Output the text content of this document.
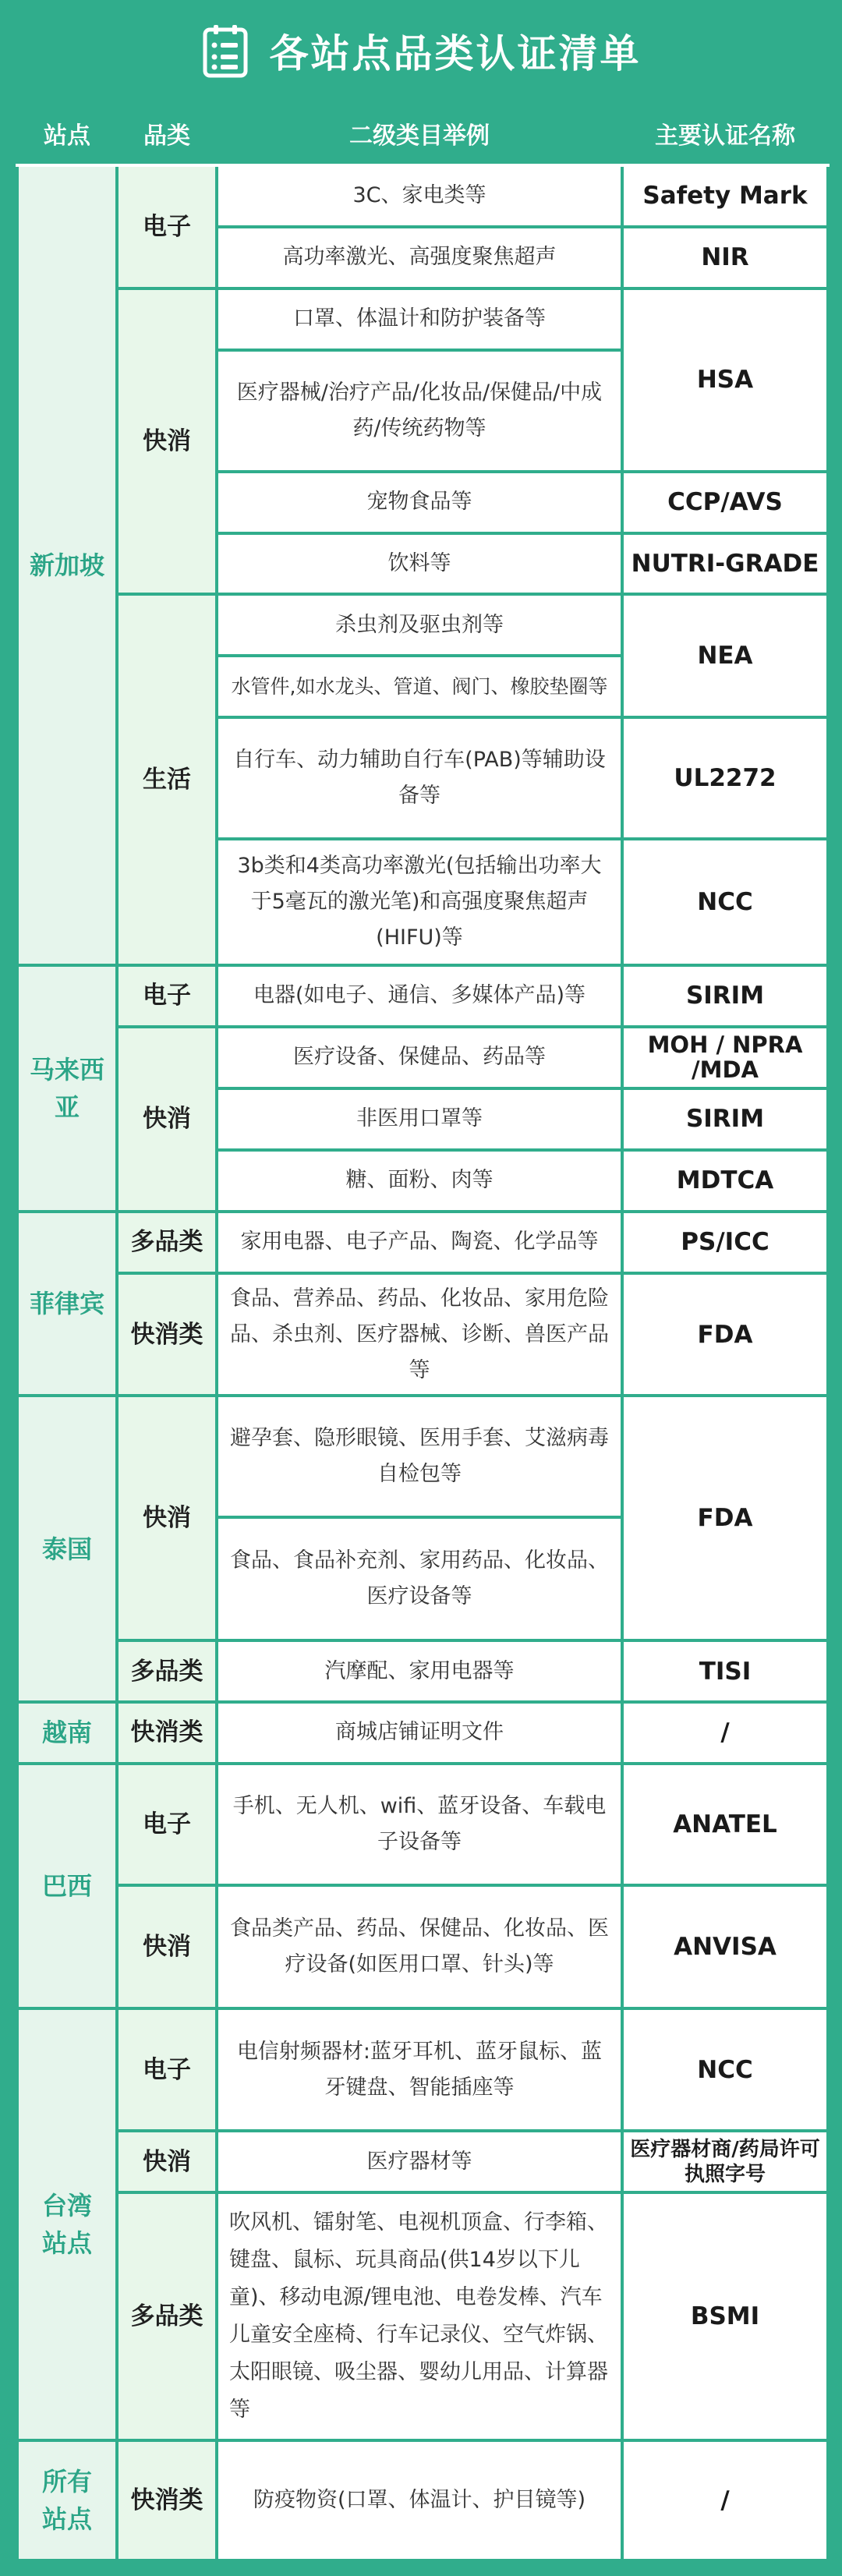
各站点品类认证清单
站点	品类	二级类目举例	主要认证名称
新加坡	电子	3C、家电类等	Safety Mark
		高功率激光、高强度聚焦超声	NIR
	快消	口罩、体温计和防护装备等	HSA
		医疗器械/治疗产品/化妆品/保健品/中成药/传统药物等	
		宠物食品等	CCP/AVS
		饮料等	NUTRI-GRADE
	生活	杀虫剂及驱虫剂等	NEA
		水管件,如水龙头、管道、阀门、橡胶垫圈等	
		自行车、动力辅助自行车(PAB)等辅助设备等	UL2272
		3b类和4类高功率激光(包括输出功率大于5毫瓦的激光笔)和高强度聚焦超声(HIFU)等	NCC
马来西亚	电子	电器(如电子、通信、多媒体产品)等	SIRIM
	快消	医疗设备、保健品、药品等	MOH / NPRA /MDA
		非医用口罩等	SIRIM
		糖、面粉、肉等	MDTCA
菲律宾	多品类	家用电器、电子产品、陶瓷、化学品等	PS/ICC
	快消类	食品、营养品、药品、化妆品、家用危险品、杀虫剂、医疗器械、诊断、兽医产品等	FDA
泰国	快消	避孕套、隐形眼镜、医用手套、艾滋病毒自检包等	FDA
		食品、食品补充剂、家用药品、化妆品、医疗设备等	
	多品类	汽摩配、家用电器等	TISI
越南	快消类	商城店铺证明文件	/
巴西	电子	手机、无人机、wifi、蓝牙设备、车载电子设备等	ANATEL
	快消	食品类产品、药品、保健品、化妆品、医疗设备(如医用口罩、针头)等	ANVISA
台湾站点	电子	电信射频器材:蓝牙耳机、蓝牙鼠标、蓝牙键盘、智能插座等	NCC
	快消	医疗器材等	医疗器材商/药局许可执照字号
	多品类	吹风机、镭射笔、电视机顶盒、行李箱、键盘、鼠标、玩具商品(供14岁以下儿童)、移动电源/锂电池、电卷发棒、汽车儿童安全座椅、行车记录仪、空气炸锅、太阳眼镜、吸尘器、婴幼儿用品、计算器等	BSMI
所有站点	快消类	防疫物资(口罩、体温计、护目镜等)	/
